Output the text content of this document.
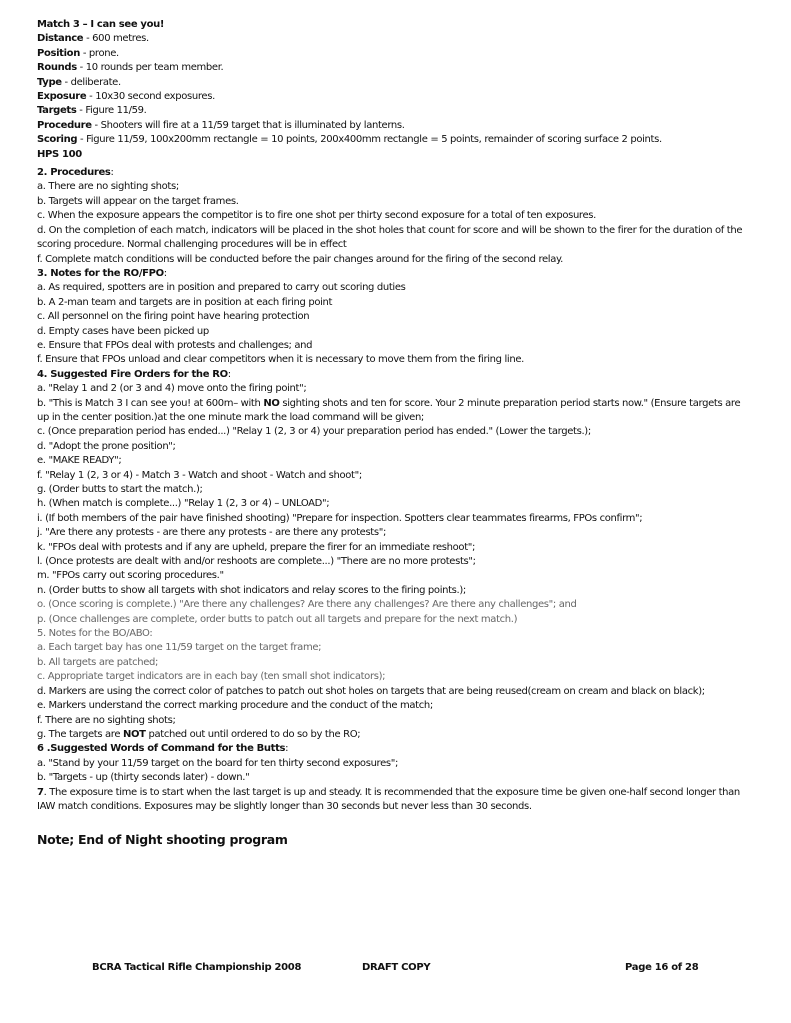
Match 3 – I can see you!
Distance - 600 metres.
Position - prone.
Rounds - 10 rounds per team member.
Type - deliberate.
Exposure - 10x30 second exposures.
Targets - Figure 11/59.
Procedure - Shooters will fire at a 11/59 target that is illuminated by lanterns.
Scoring - Figure 11/59, 100x200mm rectangle = 10 points, 200x400mm rectangle = 5 points, remainder of scoring surface 2 points.
HPS 100
2. Procedures:
a. There are no sighting shots;
b. Targets will appear on the target frames.
c. When the exposure appears the competitor is to fire one shot per thirty second exposure for a total of ten exposures.
d. On the completion of each match, indicators will be placed in the shot holes that count for score and will be shown to the firer for the duration of the scoring procedure. Normal challenging procedures will be in effect
f. Complete match conditions will be conducted before the pair changes around for the firing of the second relay.
3. Notes for the RO/FPO:
a. As required, spotters are in position and prepared to carry out scoring duties
b. A 2-man team and targets are in position at each firing point
c. All personnel on the firing point have hearing protection
d. Empty cases have been picked up
e. Ensure that FPOs deal with protests and challenges; and
f. Ensure that FPOs unload and clear competitors when it is necessary to move them from the firing line.
4. Suggested Fire Orders for the RO:
a. "Relay 1 and 2 (or 3 and 4) move onto the firing point";
b. "This is Match 3 I can see you! at 600m– with NO sighting shots and ten for score. Your 2 minute preparation period starts now." (Ensure targets are up in the center position.)at the one minute mark the load command will be given;
c. (Once preparation period has ended...) "Relay 1 (2, 3 or 4) your preparation period has ended." (Lower the targets.);
d. "Adopt the prone position";
e. "MAKE READY";
f. "Relay 1 (2, 3 or 4) - Match 3 - Watch and shoot - Watch and shoot";
g. (Order butts to start the match.);
h. (When match is complete...) "Relay 1 (2, 3 or 4) – UNLOAD";
i. (If both members of the pair have finished shooting) "Prepare for inspection. Spotters clear teammates firearms, FPOs confirm";
j. "Are there any protests - are there any protests - are there any protests";
k. "FPOs deal with protests and if any are upheld, prepare the firer for an immediate reshoot";
l. (Once protests are dealt with and/or reshoots are complete...) "There are no more protests";
m. "FPOs carry out scoring procedures."
n. (Order butts to show all targets with shot indicators and relay scores to the firing points.);
o. (Once scoring is complete.) "Are there any challenges? Are there any challenges? Are there any challenges"; and
p. (Once challenges are complete, order butts to patch out all targets and prepare for the next match.)
5. Notes for the BO/ABO:
a. Each target bay has one 11/59 target on the target frame;
b. All targets are patched;
c. Appropriate target indicators are in each bay (ten small shot indicators);
d. Markers are using the correct color of patches to patch out shot holes on targets that are being reused(cream on cream and black on black);
e. Markers understand the correct marking procedure and the conduct of the match;
f. There are no sighting shots;
g. The targets are NOT patched out until ordered to do so by the RO;
6 .Suggested Words of Command for the Butts:
a. "Stand by your 11/59 target on the board for ten thirty second exposures";
b. "Targets - up (thirty seconds later) - down."
7. The exposure time is to start when the last target is up and steady. It is recommended that the exposure time be given one-half second longer than IAW match conditions. Exposures may be slightly longer than 30 seconds but never less than 30 seconds.
Note; End of Night shooting program
BCRA Tactical Rifle Championship 2008	DRAFT COPY	Page 16 of 28
